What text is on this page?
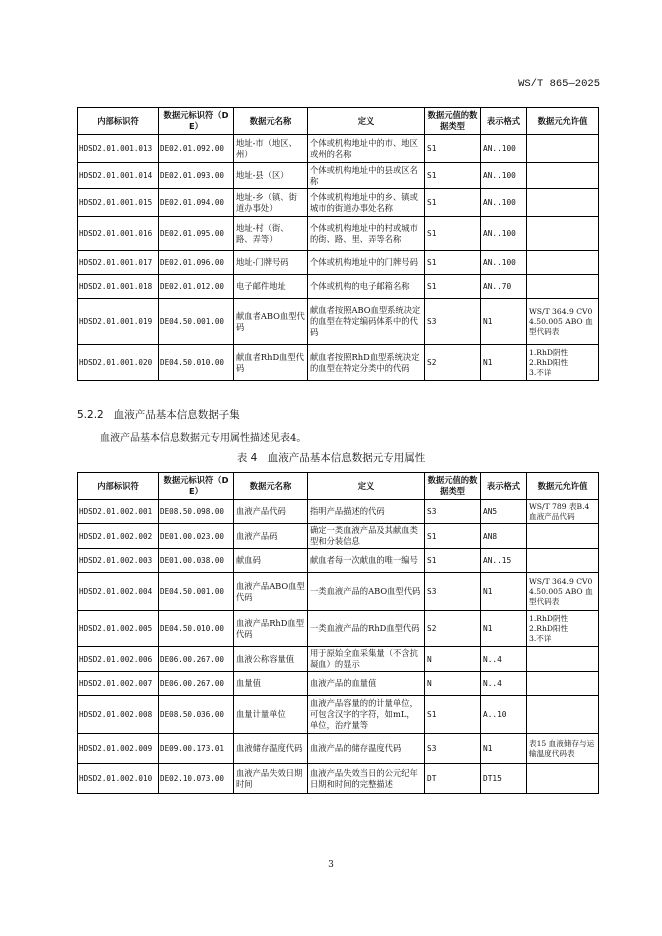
WS/T 865—2025
内部标识符	数据元标识符（DE）	数据元名称	定义	数据元值的数据类型	表示格式	数据元允许值
HDSD2.01.001.013	DE02.01.092.00	地址-市（地区、州）	个体或机构地址中的市、地区或州的名称	S1	AN..100	
HDSD2.01.001.014	DE02.01.093.00	地址-县（区）	个体或机构地址中的县或区名称	S1	AN..100	
HDSD2.01.001.015	DE02.01.094.00	地址-乡（镇、街道办事处）	个体或机构地址中的乡、镇或城市的街道办事处名称	S1	AN..100	
HDSD2.01.001.016	DE02.01.095.00	地址-村（街、路、弄等）	个体或机构地址中的村或城市的街、路、里、弄等名称	S1	AN..100	
HDSD2.01.001.017	DE02.01.096.00	地址-门牌号码	个体或机构地址中的门牌号码	S1	AN..100	
HDSD2.01.001.018	DE02.01.012.00	电子邮件地址	个体或机构的电子邮箱名称	S1	AN..70	
HDSD2.01.001.019	DE04.50.001.00	献血者ABO血型代码	献血者按照ABO血型系统决定的血型在特定编码体系中的代码	S3	N1	WS/T 364.9 CV04.50.005 ABO 血型代码表
HDSD2.01.001.020	DE04.50.010.00	献血者RhD血型代码	献血者按照RhD血型系统决定的血型在特定分类中的代码	S2	N1	1.RhD阴性
2.RhD阳性
3.不详
5.2.2 血液产品基本信息数据子集
血液产品基本信息数据元专用属性描述见表4。
表 4　血液产品基本信息数据元专用属性
内部标识符	数据元标识符（DE）	数据元名称	定义	数据元值的数据类型	表示格式	数据元允许值
HDSD2.01.002.001	DE08.50.098.00	血液产品代码	指明产品描述的代码	S3	AN5	WS/T 789 表B.4血液产品代码
HDSD2.01.002.002	DE01.00.023.00	血液产品码	确定一类血液产品及其献血类型和分装信息	S1	AN8	
HDSD2.01.002.003	DE01.00.038.00	献血码	献血者每一次献血的唯一编号	S1	AN..15	
HDSD2.01.002.004	DE04.50.001.00	血液产品ABO血型代码	一类血液产品的ABO血型代码	S3	N1	WS/T 364.9 CV04.50.005 ABO 血型代码表
HDSD2.01.002.005	DE04.50.010.00	血液产品RhD血型代码	一类血液产品的RhD血型代码	S2	N1	1.RhD阴性
2.RhD阳性
3.不详
HDSD2.01.002.006	DE06.00.267.00	血液公称容量值	用于原始全血采集量（不含抗凝血）的显示	N	N..4	
HDSD2.01.002.007	DE06.00.267.00	血量值	血液产品的血量值	N	N..4	
HDSD2.01.002.008	DE08.50.036.00	血量计量单位	血液产品容量的的计量单位，可包含汉字的字符，如mL，单位，治疗量等	S1	A..10	
HDSD2.01.002.009	DE09.00.173.01	血液储存温度代码	血液产品的储存温度代码	S3	N1	表15 血液储存与运输温度代码表
HDSD2.01.002.010	DE02.10.073.00	血液产品失效日期时间	血液产品失效当日的公元纪年日期和时间的完整描述	DT	DT15	
3
